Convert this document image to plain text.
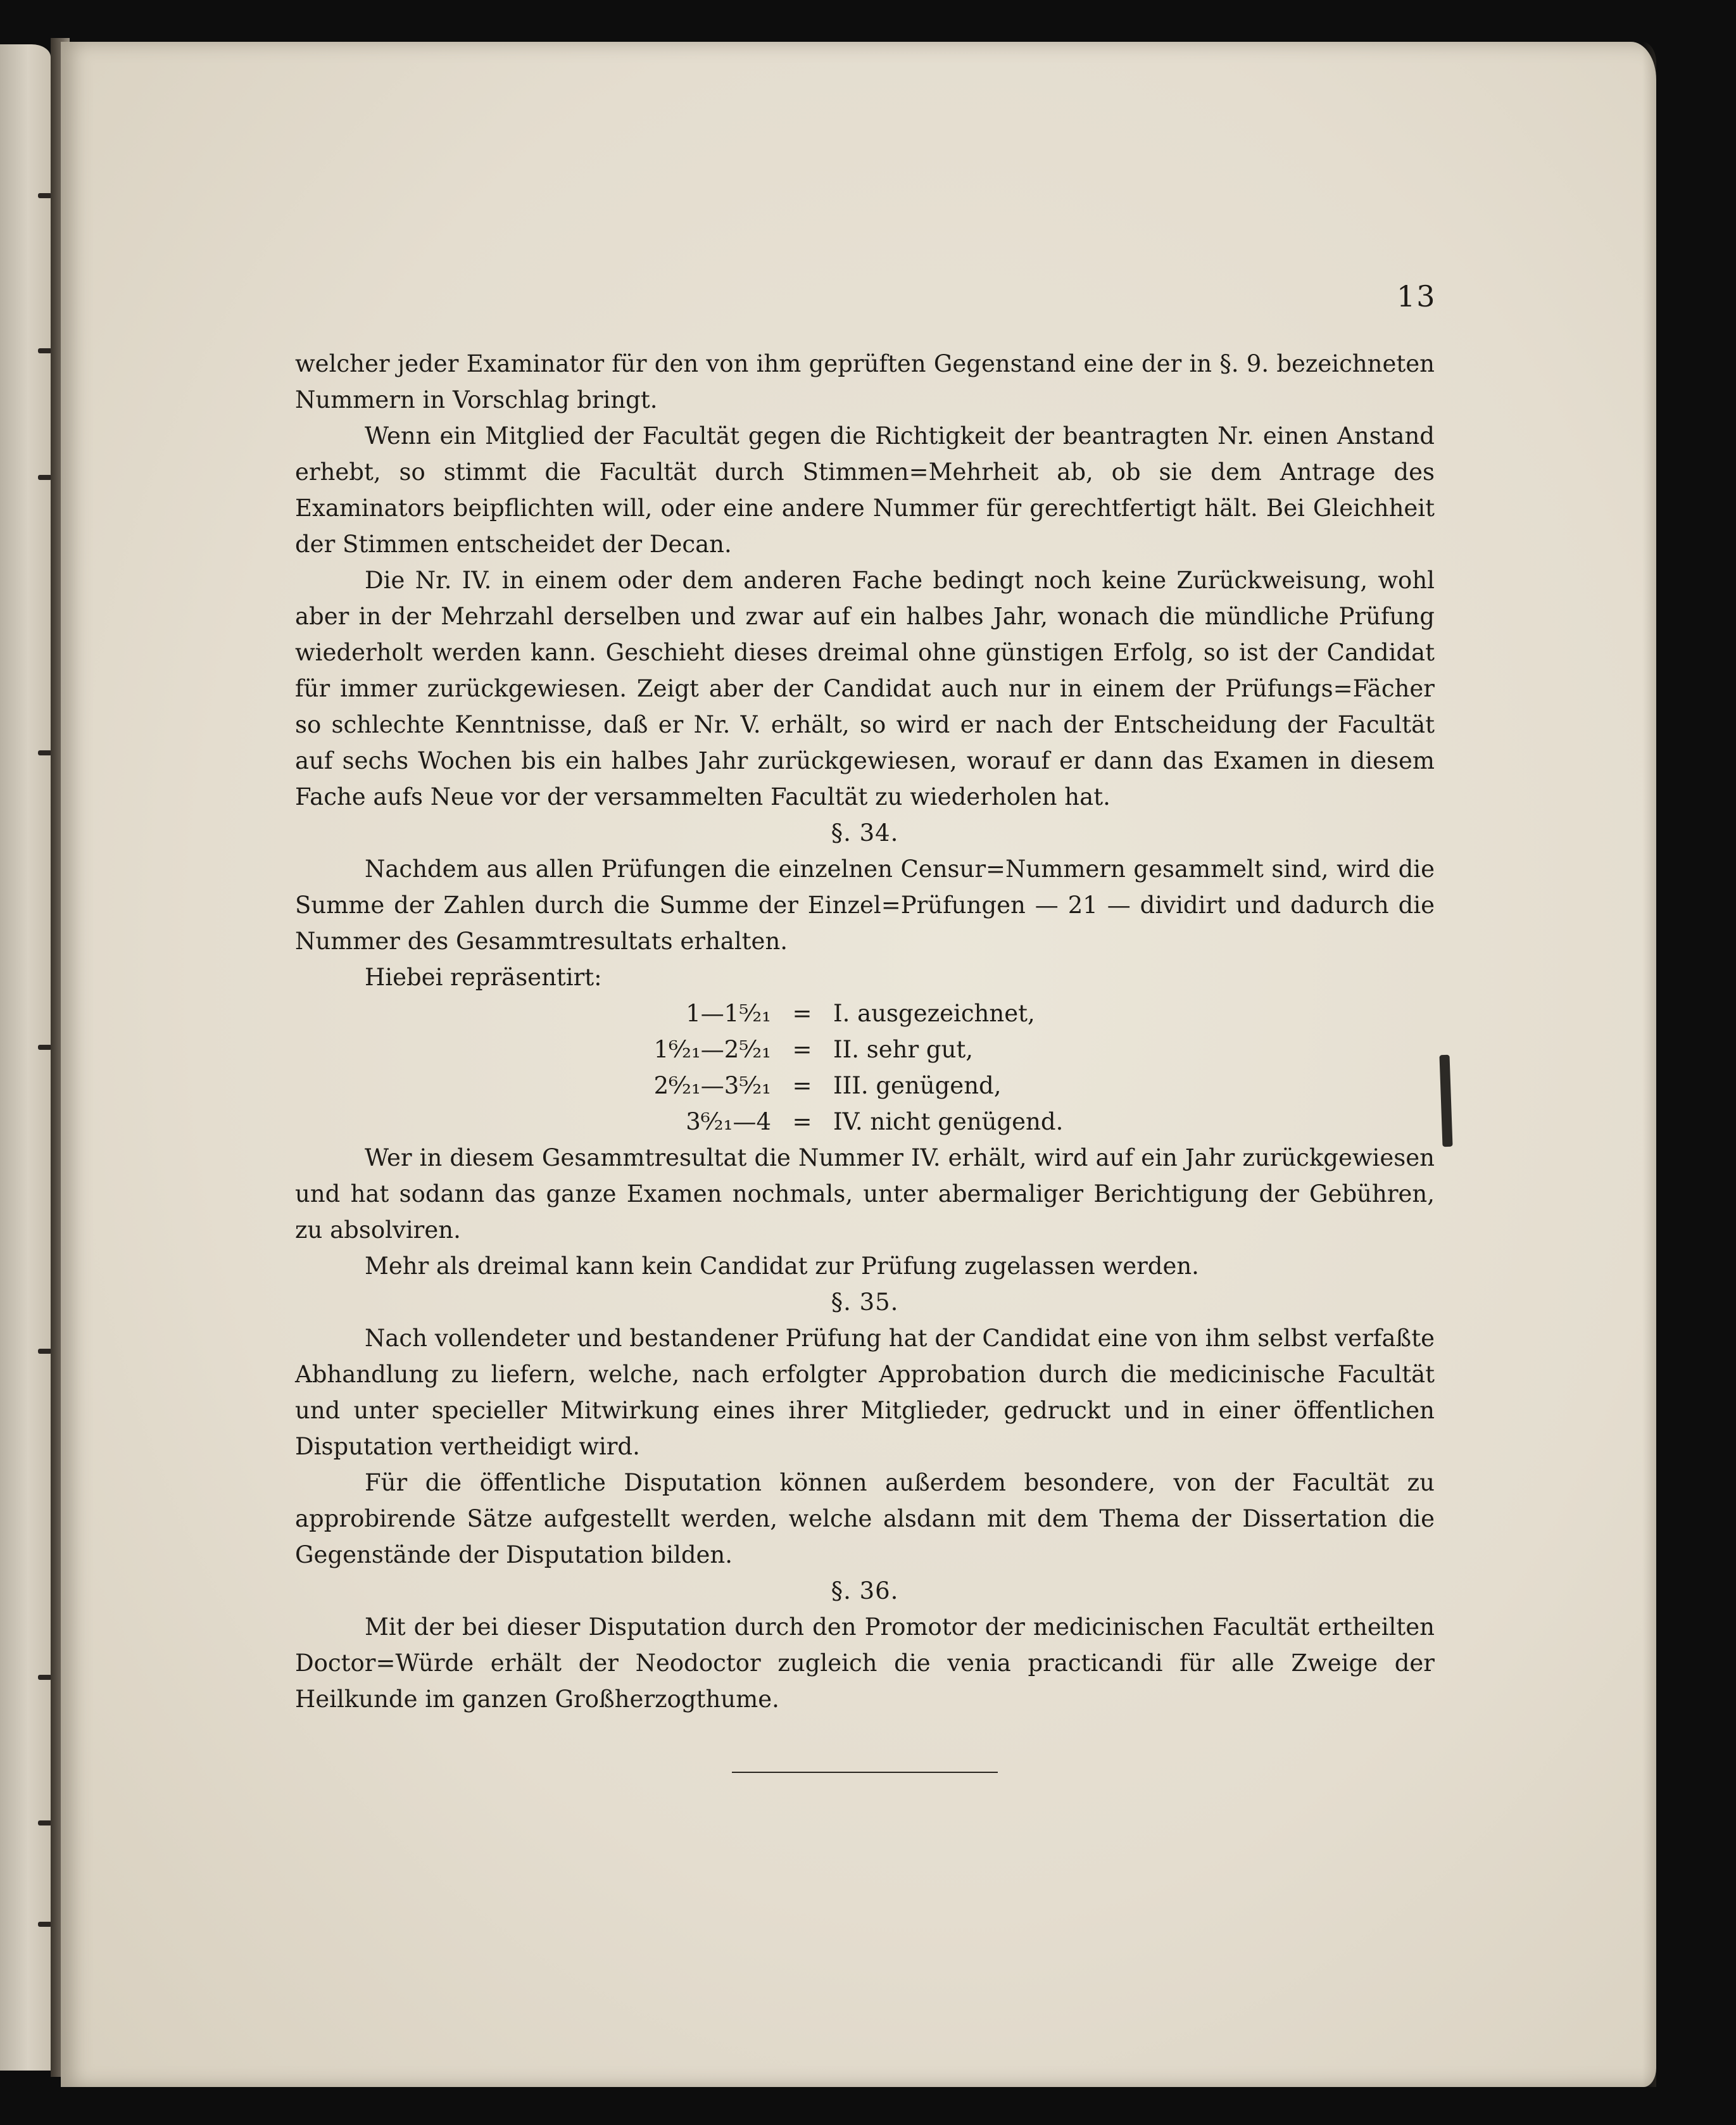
13

welcher jeder Examinator für den von ihm geprüften Gegenstand eine der in §. 9. bezeichneten Nummern in Vorschlag bringt.

Wenn ein Mitglied der Facultät gegen die Richtigkeit der beantragten Nr. einen Anstand erhebt, so stimmt die Facultät durch Stimmen=Mehrheit ab, ob sie dem Antrage des Examinators beipflichten will, oder eine andere Nummer für gerechtfertigt hält. Bei Gleichheit der Stimmen entscheidet der Decan.

Die Nr. IV. in einem oder dem anderen Fache bedingt noch keine Zurückweisung, wohl aber in der Mehrzahl derselben und zwar auf ein halbes Jahr, wonach die mündliche Prüfung wiederholt werden kann. Geschieht dieses dreimal ohne günstigen Erfolg, so ist der Candidat für immer zurückgewiesen. Zeigt aber der Candidat auch nur in einem der Prüfungs=Fächer so schlechte Kenntnisse, daß er Nr. V. erhält, so wird er nach der Entscheidung der Facultät auf sechs Wochen bis ein halbes Jahr zurückgewiesen, worauf er dann das Examen in diesem Fache aufs Neue vor der versammelten Facultät zu wiederholen hat.

§. 34.

Nachdem aus allen Prüfungen die einzelnen Censur=Nummern gesammelt sind, wird die Summe der Zahlen durch die Summe der Einzel=Prüfungen — 21 — dividirt und dadurch die Nummer des Gesammtresultats erhalten.

Hiebei repräsentirt:

1—1⁵⁄₂₁	=	I. ausgezeichnet,
1⁶⁄₂₁—2⁵⁄₂₁	=	II. sehr gut,
2⁶⁄₂₁—3⁵⁄₂₁	=	III. genügend,
3⁶⁄₂₁—4	=	IV. nicht genügend.

Wer in diesem Gesammtresultat die Nummer IV. erhält, wird auf ein Jahr zurückgewiesen und hat sodann das ganze Examen nochmals, unter abermaliger Berichtigung der Gebühren, zu absolviren.

Mehr als dreimal kann kein Candidat zur Prüfung zugelassen werden.

§. 35.

Nach vollendeter und bestandener Prüfung hat der Candidat eine von ihm selbst verfaßte Abhandlung zu liefern, welche, nach erfolgter Approbation durch die medicinische Facultät und unter specieller Mitwirkung eines ihrer Mitglieder, gedruckt und in einer öffentlichen Disputation vertheidigt wird.

Für die öffentliche Disputation können außerdem besondere, von der Facultät zu approbirende Sätze aufgestellt werden, welche alsdann mit dem Thema der Dissertation die Gegenstände der Disputation bilden.

§. 36.

Mit der bei dieser Disputation durch den Promotor der medicinischen Facultät ertheilten Doctor=Würde erhält der Neodoctor zugleich die venia practicandi für alle Zweige der Heilkunde im ganzen Großherzogthume.
